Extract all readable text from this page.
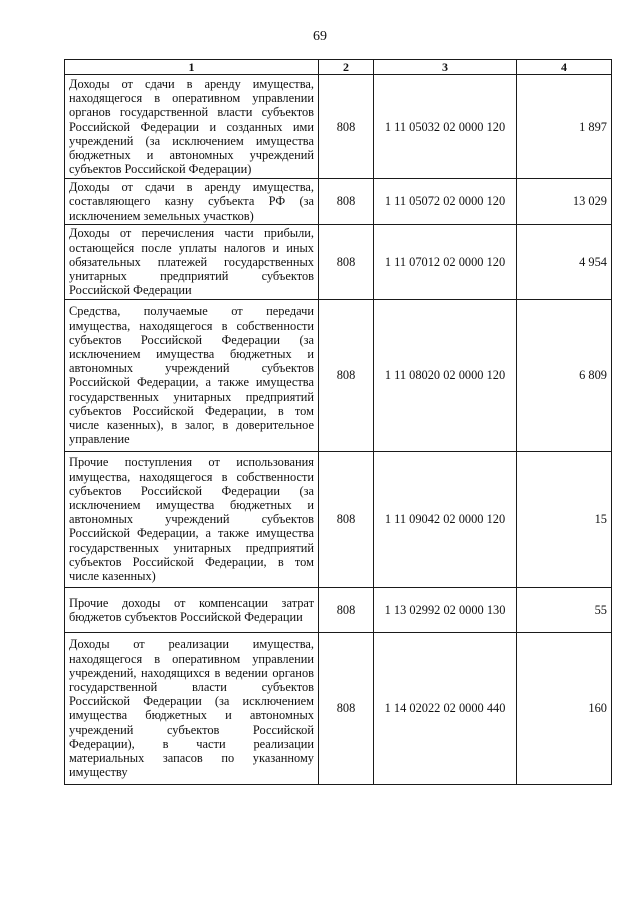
69
1	2	3	4
Доходы от сдачи в аренду имущества, находящегося в оперативном управлении органов государственной власти субъектов Российской Федерации и созданных ими учреждений (за исключением имущества бюджетных и автономных учреждений субъектов Российской Федерации)	808	1 11 05032 02 0000 120	1 897
Доходы от сдачи в аренду имущества, составляющего казну субъекта РФ (за исключением земельных участков)	808	1 11 05072 02 0000 120	13 029
Доходы от перечисления части прибыли, остающейся после уплаты налогов и иных обязательных платежей государственных унитарных предприятий субъектов Российской Федерации	808	1 11 07012 02 0000 120	4 954
Средства, получаемые от передачи имущества, находящегося в собственности субъектов Российской Федерации (за исключением имущества бюджетных и автономных учреждений субъектов Российской Федерации, а также имущества государственных унитарных предприятий субъектов Российской Федерации, в том числе казенных), в залог, в доверительное управление	808	1 11 08020 02 0000 120	6 809
Прочие поступления от использования имущества, находящегося в собственности субъектов Российской Федерации (за исключением имущества бюджетных и автономных учреждений субъектов Российской Федерации, а также имущества государственных унитарных предприятий субъектов Российской Федерации, в том числе казенных)	808	1 11 09042 02 0000 120	15
Прочие доходы от компенсации затрат бюджетов субъектов Российской Федерации	808	1 13 02992 02 0000 130	55
Доходы от реализации имущества, находящегося в оперативном управлении учреждений, находящихся в ведении органов государственной власти субъектов Российской Федерации (за исключением имущества бюджетных и автономных учреждений субъектов Российской Федерации), в части реализации материальных запасов по указанному имуществу	808	1 14 02022 02 0000 440	160
